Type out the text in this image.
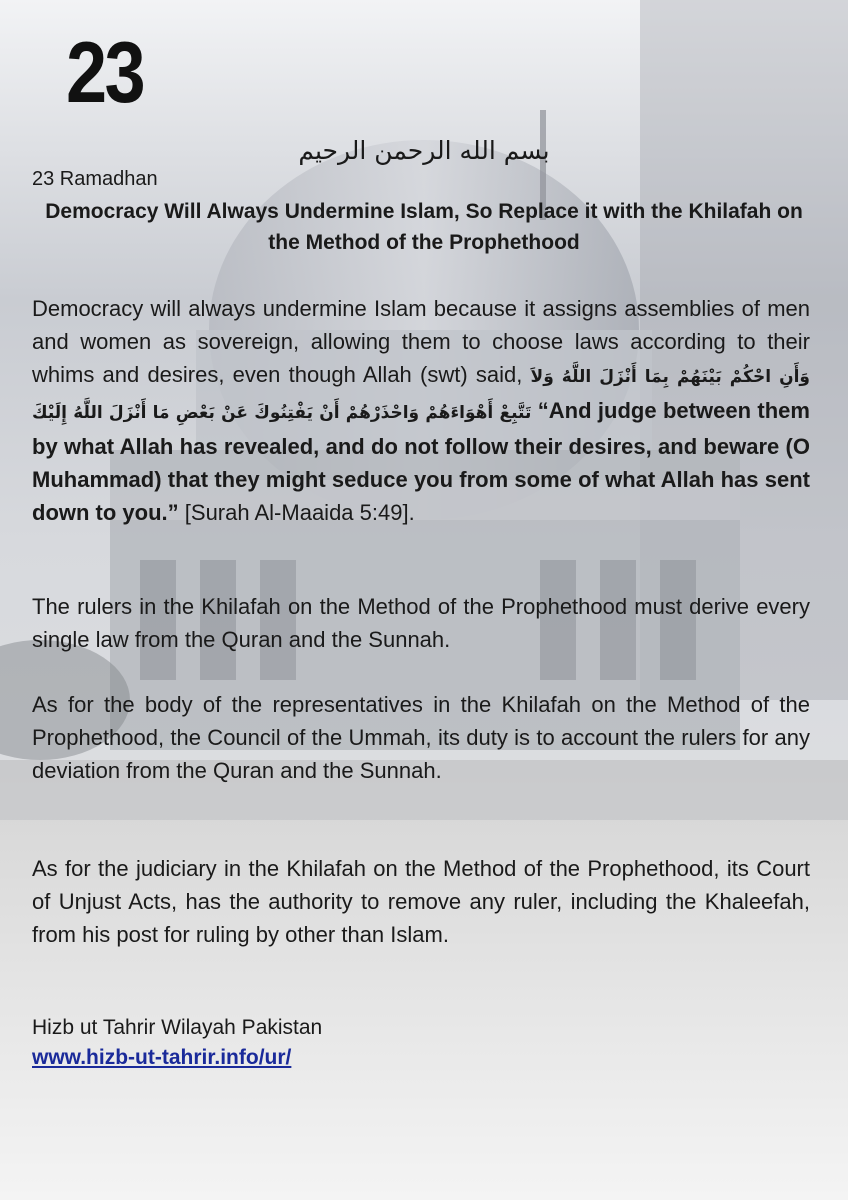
23
بسم الله الرحمن الرحيم
23 Ramadhan
Democracy Will Always Undermine Islam, So Replace it with the Khilafah on the Method of the Prophethood

Democracy will always undermine Islam because it assigns assemblies of men and women as sovereign, allowing them to choose laws according to their whims and desires, even though Allah (swt) said, وَأَنِ احْكُمْ بَيْنَهُمْ بِمَا أَنْزَلَ اللَّهُ وَلاَ تَتَّبِعْ أَهْوَاءَهُمْ وَاحْذَرْهُمْ أَنْ يَفْتِنُوكَ عَنْ بَعْضِ مَا أَنْزَلَ اللَّهُ إِلَيْكَ “And judge between them by what Allah has revealed, and do not follow their desires, and beware (O Muhammad) that they might seduce you from some of what Allah has sent down to you.” [Surah Al-Maaida 5:49].

The rulers in the Khilafah on the Method of the Prophethood must derive every single law from the Quran and the Sunnah.

As for the body of the representatives in the Khilafah on the Method of the Prophethood, the Council of the Ummah, its duty is to account the rulers for any deviation from the Quran and the Sunnah.

As for the judiciary in the Khilafah on the Method of the Prophethood, its Court of Unjust Acts, has the authority to remove any ruler, including the Khaleefah, from his post for ruling by other than Islam.

Hizb ut Tahrir Wilayah Pakistan
www.hizb-ut-tahrir.info/ur/
